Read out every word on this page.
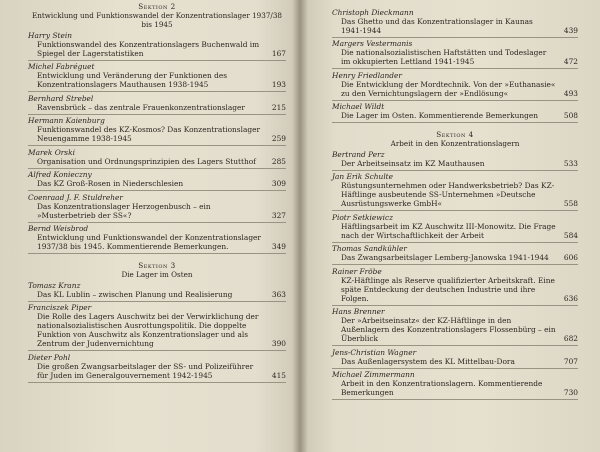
Sektion 2
Entwicklung und Funktionswandel der Konzentrationslager 1937/38 bis 1945
Harry Stein
Funktionswandel des Konzentrationslagers Buchenwald im Spiegel der Lagerstatistiken	167
Michel Fabréguet
Entwicklung und Veränderung der Funktionen des Konzentrationslagers Mauthausen 1938-1945	193
Bernhard Strebel
Ravensbrück – das zentrale Frauenkonzentrationslager	215
Hermann Kaienburg
Funktionswandel des KZ-Kosmos? Das Konzentrationslager Neuengamme 1938-1945	259
Marek Orski
Organisation und Ordnungsprinzipien des Lagers Stutthof	285
Alfred Konieczny
Das KZ Groß-Rosen in Niederschlesien	309
Coenraad J. F. Stuldreher
Das Konzentrationslager Herzogenbusch – ein »Musterbetrieb der SS«?	327
Bernd Weisbrod
Entwicklung und Funktionswandel der Konzentrationslager 1937/38 bis 1945. Kommentierende Bemerkungen.	349
Sektion 3
Die Lager im Osten
Tomasz Kranz
Das KL Lublin – zwischen Planung und Realisierung	363
Franciszek Piper
Die Rolle des Lagers Auschwitz bei der Verwirklichung der nationalsozialistischen Ausrottungspolitik. Die doppelte Funktion von Auschwitz als Konzentrationslager und als Zentrum der Judenvernichtung	390
Dieter Pohl
Die großen Zwangsarbeitslager der SS- und Polizeiführer für Juden im Generalgouvernement 1942-1945	415
Christoph Dieckmann
Das Ghetto und das Konzentrationslager in Kaunas 1941-1944	439
Margers Vestermanis
Die nationalsozialistischen Haftstätten und Todeslager im okkupierten Lettland 1941-1945	472
Henry Friedlander
Die Entwicklung der Mordtechnik. Von der »Euthanasie« zu den Vernichtungslagern der »Endlösung«	493
Michael Wildt
Die Lager im Osten. Kommentierende Bemerkungen	508
Sektion 4
Arbeit in den Konzentrationslagern
Bertrand Perz
Der Arbeitseinsatz im KZ Mauthausen	533
Jan Erik Schulte
Rüstungsunternehmen oder Handwerksbetrieb? Das KZ-Häftlinge ausbeutende SS-Unternehmen »Deutsche Ausrüstungswerke GmbH«	558
Piotr Setkiewicz
Häftlingsarbeit im KZ Auschwitz III-Monowitz. Die Frage nach der Wirtschaftlichkeit der Arbeit	584
Thomas Sandkühler
Das Zwangsarbeitslager Lemberg-Janowska 1941-1944	606
Rainer Fröbe
KZ-Häftlinge als Reserve qualifizierter Arbeitskraft. Eine späte Entdeckung der deutschen Industrie und ihre Folgen.	636
Hans Brenner
Der »Arbeitseinsatz« der KZ-Häftlinge in den Außenlagern des Konzentrationslagers Flossenbürg – ein Überblick	682
Jens-Christian Wagner
Das Außenlagersystem des KL Mittelbau-Dora	707
Michael Zimmermann
Arbeit in den Konzentrationslagern. Kommentierende Bemerkungen	730
